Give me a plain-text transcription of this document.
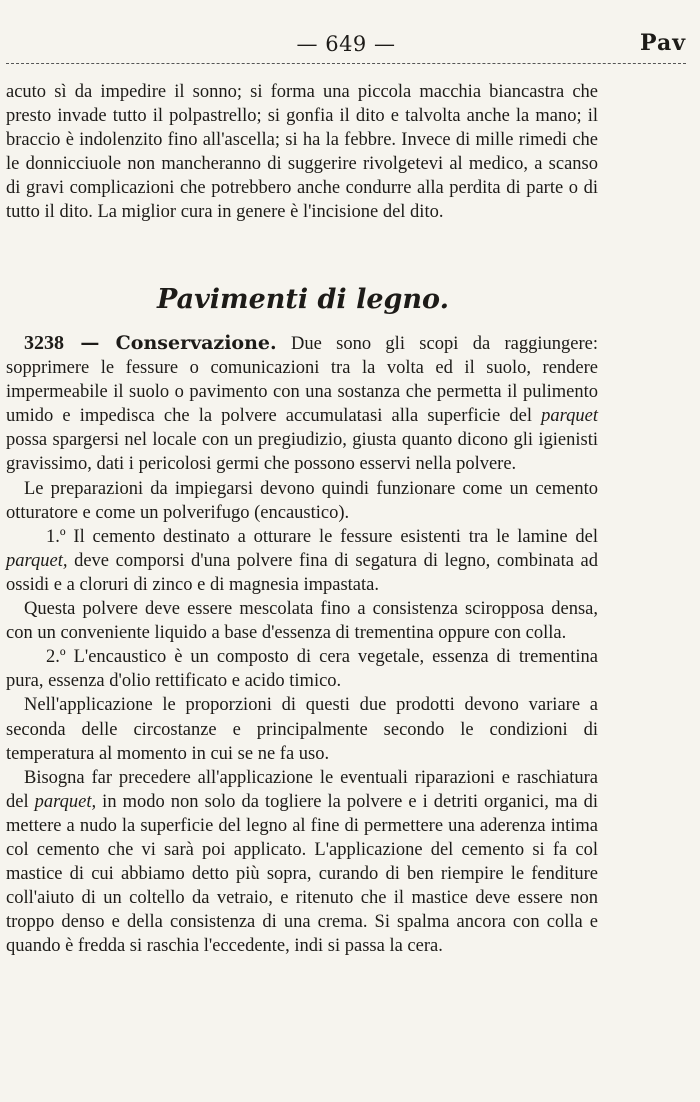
— 649 —	Pav

acuto sì da impedire il sonno; si forma una piccola macchia biancastra che presto invade tutto il polpastrello; si gonfia il dito e talvolta anche la mano; il braccio è indolenzito fino all'ascella; si ha la febbre. Invece di mille rimedi che le donnicciuole non mancheranno di suggerire rivolgetevi al medico, a scanso di gravi complicazioni che potrebbero anche condurre alla perdita di parte o di tutto il dito. La miglior cura in genere è l'incisione del dito.

Pavimenti di legno.

3238 — Conservazione. Due sono gli scopi da raggiungere: sopprimere le fessure o comunicazioni tra la volta ed il suolo, rendere impermeabile il suolo o pavimento con una sostanza che permetta il pulimento umido e impedisca che la polvere accumulatasi alla superficie del parquet possa spargersi nel locale con un pregiudizio, giusta quanto dicono gli igienisti gravissimo, dati i pericolosi germi che possono esservi nella polvere.

Le preparazioni da impiegarsi devono quindi funzionare come un cemento otturatore e come un polverifugo (encaustico).

1.º Il cemento destinato a otturare le fessure esistenti tra le lamine del parquet, deve comporsi d'una polvere fina di segatura di legno, combinata ad ossidi e a cloruri di zinco e di magnesia impastata.

Questa polvere deve essere mescolata fino a consistenza sciropposa densa, con un conveniente liquido a base d'essenza di trementina oppure con colla.

2.º L'encaustico è un composto di cera vegetale, essenza di trementina pura, essenza d'olio rettificato e acido timico.

Nell'applicazione le proporzioni di questi due prodotti devono variare a seconda delle circostanze e principalmente secondo le condizioni di temperatura al momento in cui se ne fa uso.

Bisogna far precedere all'applicazione le eventuali riparazioni e raschiatura del parquet, in modo non solo da togliere la polvere e i detriti organici, ma di mettere a nudo la superficie del legno al fine di permettere una aderenza intima col cemento che vi sarà poi applicato. L'applicazione del cemento si fa col mastice di cui abbiamo detto più sopra, curando di ben riempire le fenditure coll'aiuto di un coltello da vetraio, e ritenuto che il mastice deve essere non troppo denso e della consistenza di una crema. Si spalma ancora con colla e quando è fredda si raschia l'eccedente, indi si passa la cera.
